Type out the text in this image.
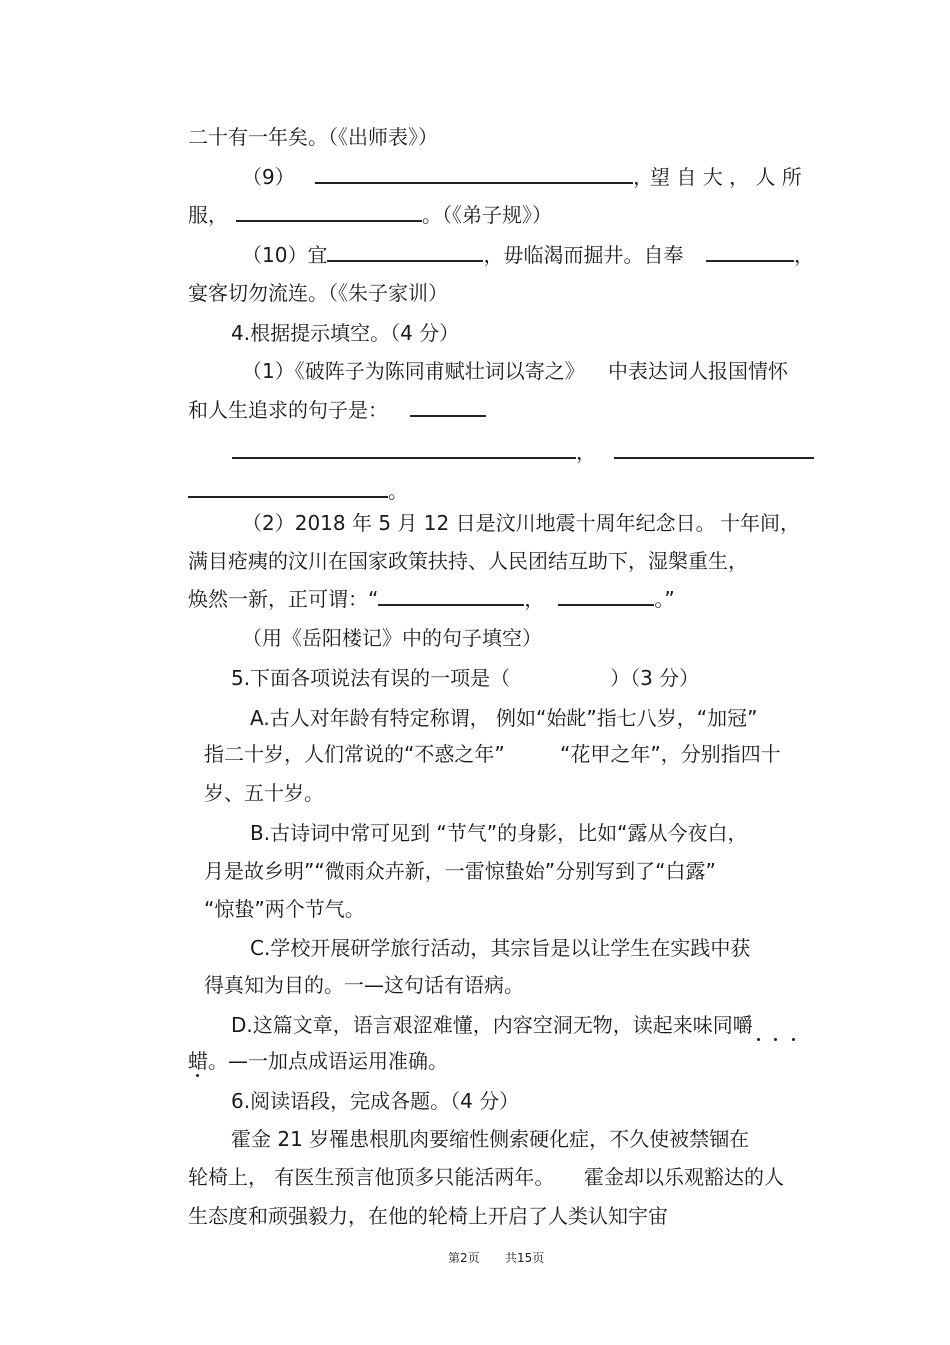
二十有一年矣。（《出师表》）
（9）	，
望 自 大 ， 人 所
服，	。（《弟子规》）
（10）宜	，毋临渴而掘井。自奉	，
宴客切勿流连。（《朱子家训）
4.根据提示填空。（4 分）
（1）《破阵子为陈同甫赋壮词以寄之》 中表达词人报国情怀
和人生追求的句子是：
，
。
（2）2018 年 5 月 12 日是汶川地震十周年纪念日。 十年间，
满目疮痍的汶川在国家政策扶持、人民团结互助下，湿槃重生，
焕然一新，正可谓：“	，	。”
（用《岳阳楼记》中的句子填空）
5.下面各项说法有误的一项是（	）（3 分）
A.古人对年龄有特定称谓， 例如“始龀”指七八岁，“加冠”
指二十岁，人们常说的“不惑之年”	“花甲之年”，分别指四十
岁、五十岁。
B.古诗词中常可见到 “节气”的身影，比如“露从今夜白，
月是故乡明”“微雨众卉新，一雷惊蛰始”分别写到了“白露”
“惊蛰”两个节气。
C.学校开展研学旅行活动，其宗旨是以让学生在实践中获
得真知为目的。一—这句话有语病。
D.这篇文章，语言艰涩难懂，内容空洞无物，读起来味同嚼
蜡。—一加点成语运用准确。
6.阅读语段，完成各题。（4 分）
霍金 21 岁罹患根肌肉要缩性侧索硬化症，不久使被禁锢在
轮椅上， 有医生预言他顶多只能活两年。 霍金却以乐观豁达的人
生态度和顽强毅力，在他的轮椅上开启了人类认知宇宙
第2页 共15页
